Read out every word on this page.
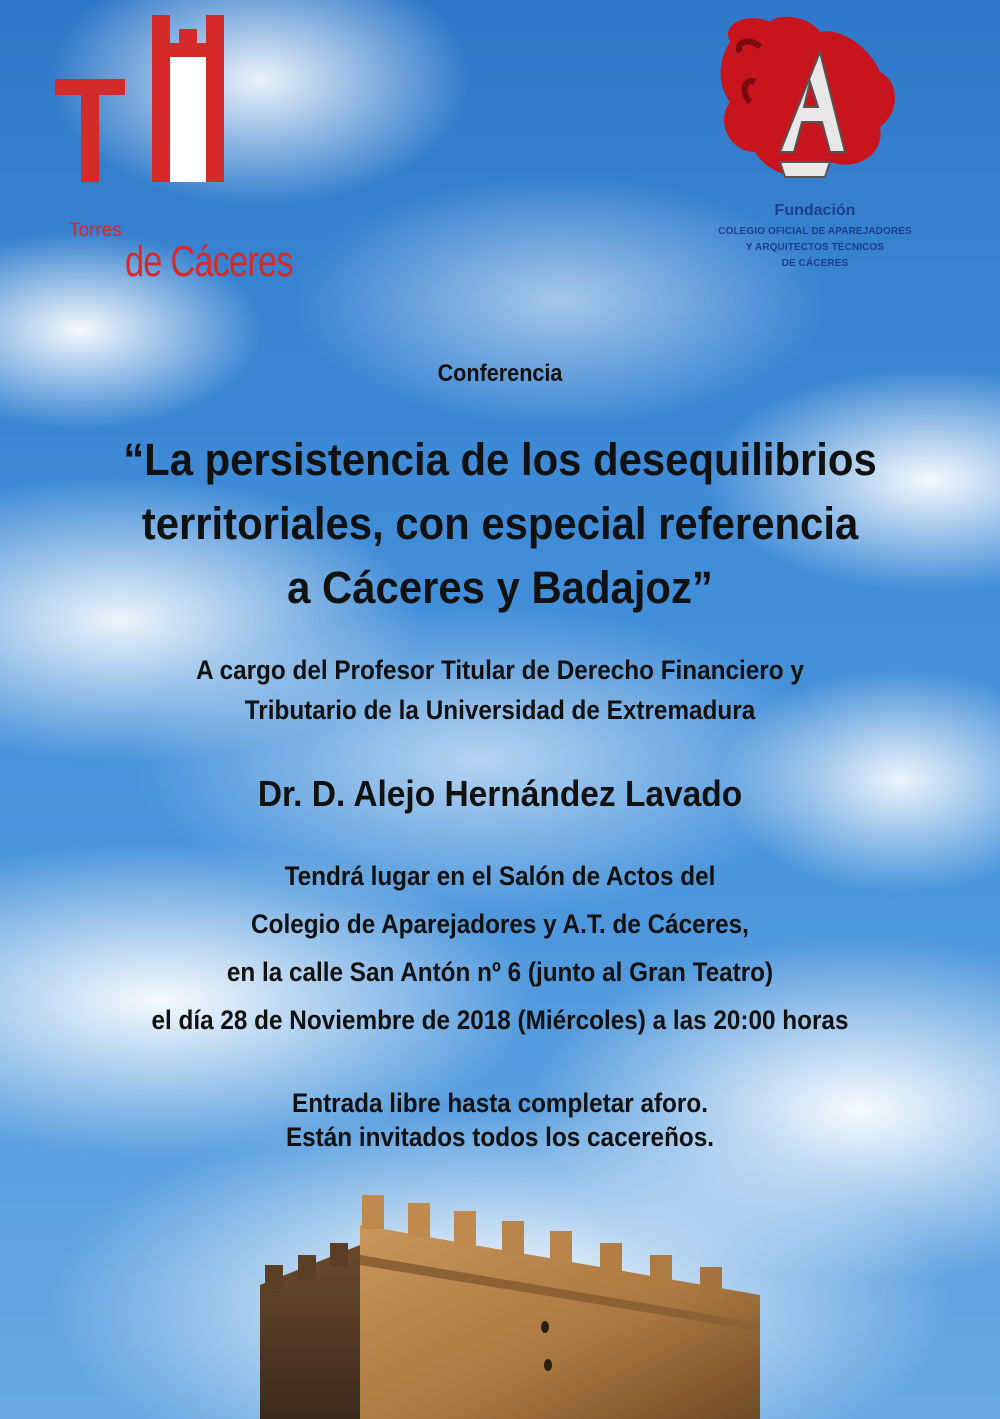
Torres
de Cáceres
Fundación
COLEGIO OFICIAL DE APAREJADORES
Y ARQUITECTOS TÉCNICOS
DE CÁCERES
Conferencia
“La persistencia de los desequilibrios
territoriales, con especial referencia
a Cáceres y Badajoz”
A cargo del Profesor Titular de Derecho Financiero y
Tributario de la Universidad de Extremadura
Dr. D. Alejo Hernández Lavado
Tendrá lugar en el Salón de Actos del
Colegio de Aparejadores y A.T. de Cáceres,
en la calle San Antón nº 6 (junto al Gran Teatro)
el día 28 de Noviembre de 2018 (Miércoles) a las 20:00 horas
Entrada libre hasta completar aforo.
Están invitados todos los cacereños.
